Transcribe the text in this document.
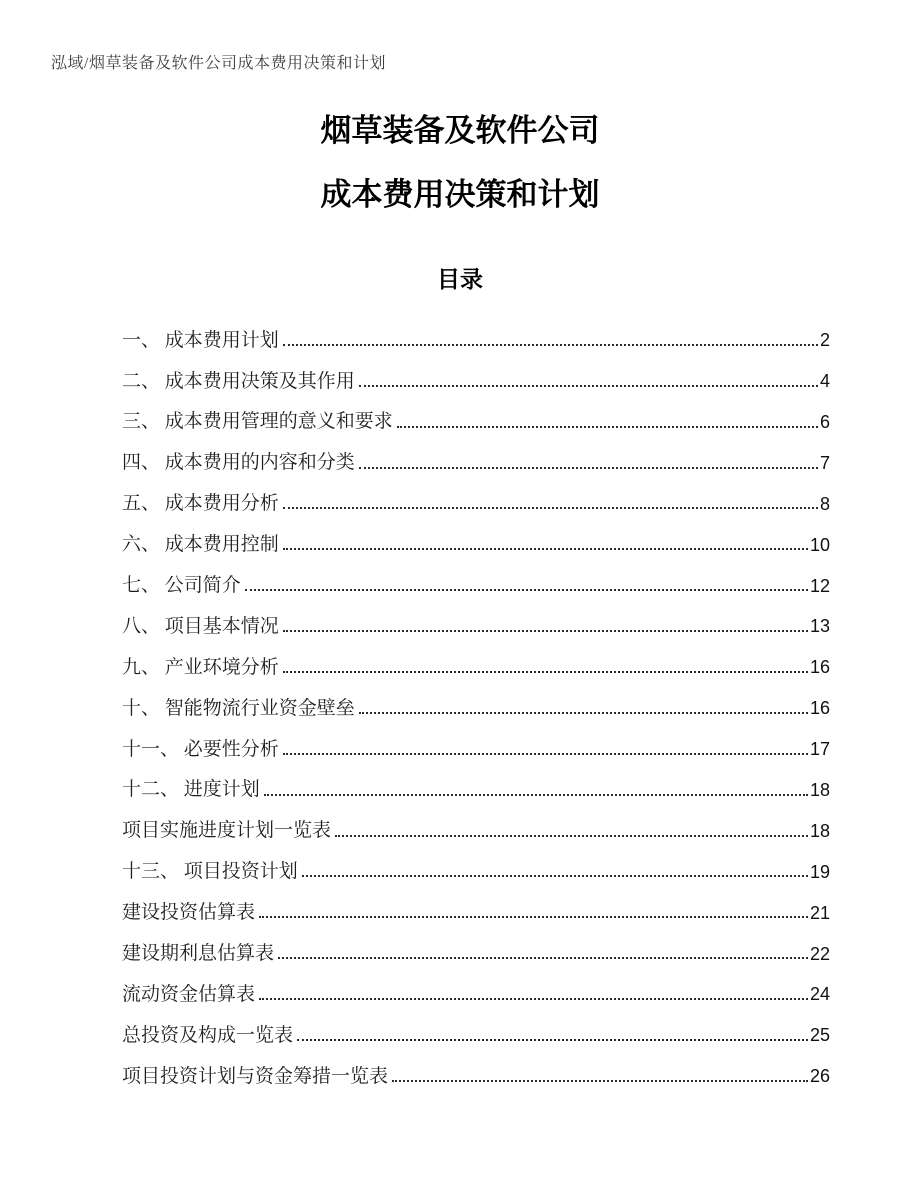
泓域/烟草装备及软件公司成本费用决策和计划
烟草装备及软件公司
成本费用决策和计划
目录
一、 成本费用计划	2
二、 成本费用决策及其作用	4
三、 成本费用管理的意义和要求	6
四、 成本费用的内容和分类	7
五、 成本费用分析	8
六、 成本费用控制	10
七、 公司简介	12
八、 项目基本情况	13
九、 产业环境分析	16
十、 智能物流行业资金壁垒	16
十一、 必要性分析	17
十二、 进度计划	18
项目实施进度计划一览表	18
十三、 项目投资计划	19
建设投资估算表	21
建设期利息估算表	22
流动资金估算表	24
总投资及构成一览表	25
项目投资计划与资金筹措一览表	26
